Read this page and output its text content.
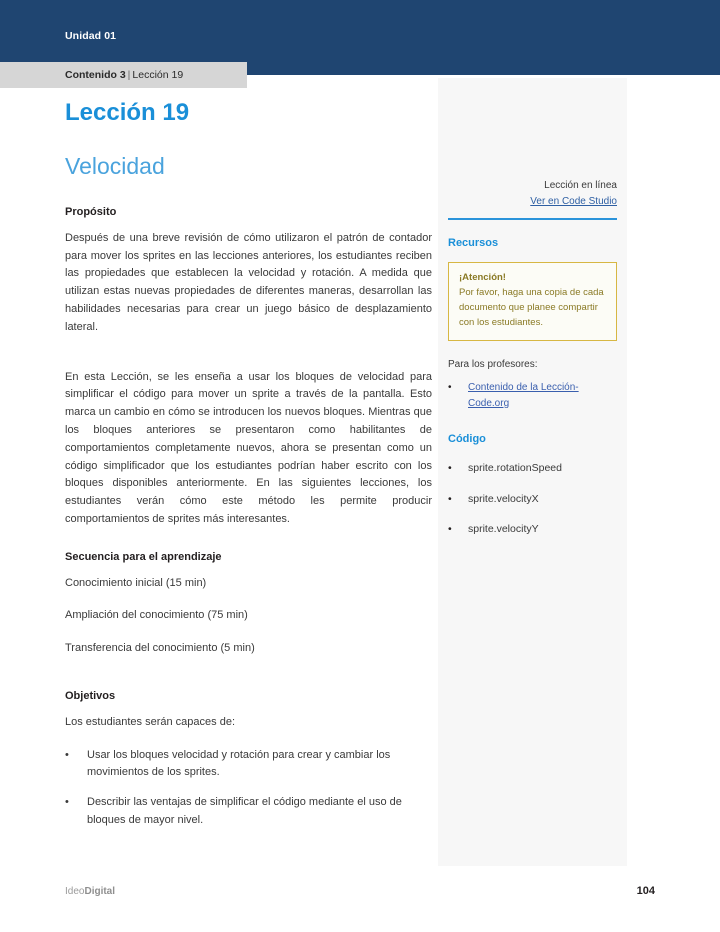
Unidad 01
Contenido 3 | Lección 19
Lección 19
Velocidad
Propósito

Después de una breve revisión de cómo utilizaron el patrón de contador para mover los sprites en las lecciones anteriores, los estudiantes reciben las propiedades que establecen la velocidad y rotación. A medida que utilizan estas nuevas propiedades de diferentes maneras, desarrollan las habilidades necesarias para crear un juego básico de desplazamiento lateral.

En esta Lección, se les enseña a usar los bloques de velocidad para simplificar el código para mover un sprite a través de la pantalla. Esto marca un cambio en cómo se introducen los nuevos bloques. Mientras que los bloques anteriores se presentaron como habilitantes de comportamientos completamente nuevos, ahora se presentan como un código simplificador que los estudiantes podrían haber escrito con los bloques disponibles anteriormente. En las siguientes lecciones, los estudiantes verán cómo este método les permite producir comportamientos de sprites más interesantes.

Secuencia para el aprendizaje

Conocimiento inicial (15 min)

Ampliación del conocimiento (75 min)

Transferencia del conocimiento (5 min)

Objetivos

Los estudiantes serán capaces de:

•	Usar los bloques velocidad y rotación para crear y cambiar los movimientos de los sprites.
•	Describir las ventajas de simplificar el código mediante el uso de bloques de mayor nivel.
Lección en línea
Ver en Code Studio
Recursos

¡Atención!

Por favor, haga una copia de cada documento que planee compartir con los estudiantes.

Para los profesores:
•	Contenido de la Lección- Code.org
Código
•	sprite.rotationSpeed
•	sprite.velocityX
•	sprite.velocityY
IdeoDigital	104
